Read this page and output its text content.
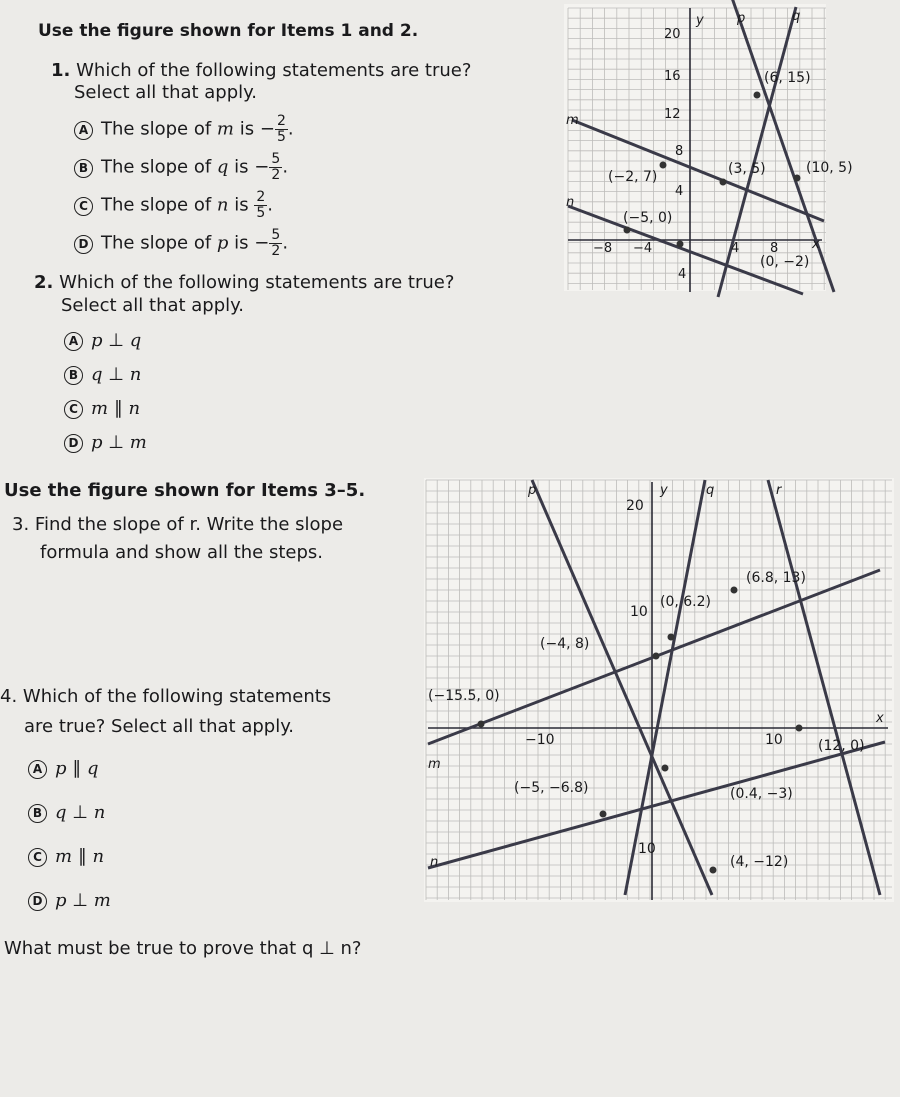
Use the figure shown for Items 1 and 2.
1. Which of the following statements are true?
Select all that apply.
A The slope of m is − $\frac{2}{5}$ .
B The slope of q is − $\frac{5}{2}$ .
C The slope of n is $\frac{2}{5}$ .
D The slope of p is − $\frac{5}{2}$ .
2. Which of the following statements are true?
Select all that apply.
A p ⊥ q
B q ⊥ n
C m ∥ n
D p ⊥ m
Use the figure shown for Items 3–5.
3. Find the slope of r. Write the slope
formula and show all the steps.
4. Which of the following statements
are true? Select all that apply.
A p ∥ q
B q ⊥ n
C m ∥ n
D p ⊥ m
What must be true to prove that q ⊥ n?
20
16
12
8
4
−8 −4	4 8
4
x
y	p	q
m
n
(6, 15)
(−2, 7)	(3, 5)	(10, 5)
(−5, 0)
(0, −2)
20
10
10
−10	10
x
y
p	q	r
m
n
(6.8, 13)
(0, 6.2)
(−4, 8)
(−15.5, 0)
(12, 0)
(−5, −6.8)	(0.4, −3)
(4, −12)
